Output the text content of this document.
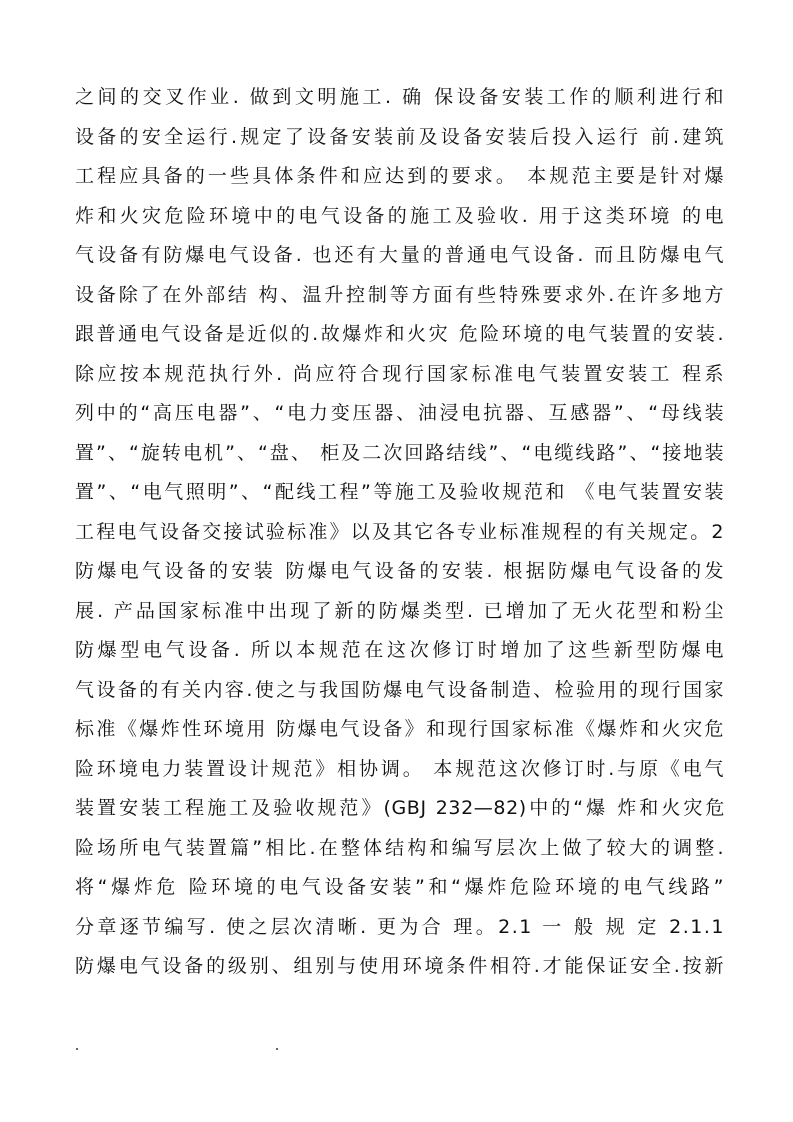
之间的交叉作业. 做到文明施工. 确 保设备安装工作的顺利进行和
设备的安全运行.规定了设备安装前及设备安装后投入运行 前.建筑
工程应具备的一些具体条件和应达到的要求。 本规范主要是针对爆
炸和火灾危险环境中的电气设备的施工及验收. 用于这类环境 的电
气设备有防爆电气设备. 也还有大量的普通电气设备. 而且防爆电气
设备除了在外部结 构、温升控制等方面有些特殊要求外.在许多地方
跟普通电气设备是近似的.故爆炸和火灾 危险环境的电气装置的安装.
除应按本规范执行外. 尚应符合现行国家标准电气装置安装工 程系
列中的“高压电器”、“电力变压器、油浸电抗器、互感器”、“母线装
置”、“旋转电机”、“盘、 柜及二次回路结线”、“电缆线路”、“接地装
置”、“电气照明”、“配线工程”等施工及验收规范和 《电气装置安装
工程电气设备交接试验标准》以及其它各专业标准规程的有关规定。2
防爆电气设备的安装 防爆电气设备的安装. 根据防爆电气设备的发
展. 产品国家标准中出现了新的防爆类型. 已增加了无火花型和粉尘
防爆型电气设备. 所以本规范在这次修订时增加了这些新型防爆电
气设备的有关内容.使之与我国防爆电气设备制造、检验用的现行国家
标准《爆炸性环境用 防爆电气设备》和现行国家标准《爆炸和火灾危
险环境电力装置设计规范》相协调。 本规范这次修订时.与原《电气
装置安装工程施工及验收规范》(GBJ 232—82)中的“爆 炸和火灾危
险场所电气装置篇”相比.在整体结构和编写层次上做了较大的调整.
将“爆炸危 险环境的电气设备安装”和“爆炸危险环境的电气线路”
分章逐节编写. 使之层次清晰. 更为合 理。2.1 一 般 规 定 2.1.1
防爆电气设备的级别、组别与使用环境条件相符.才能保证安全.按新
